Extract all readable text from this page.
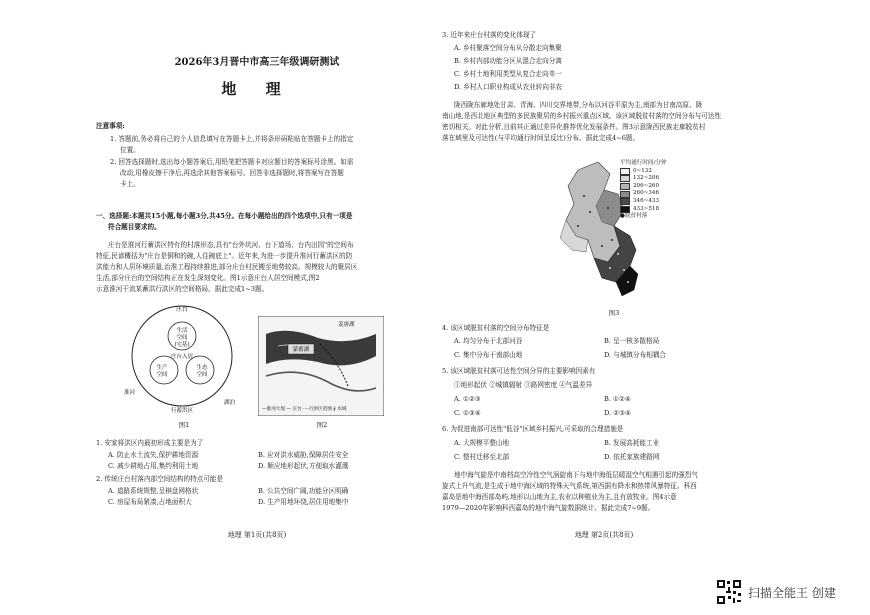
2026年3月晋中市高三年级调研测试
地 理
注意事项:
1. 答题前,务必将自己的个人信息填写在答题卡上,并将条形码粘贴在答题卡上的指定
位置。
2. 回答选择题时,选出每小题答案后,用铅笔把答题卡对应题目的答案标号涂黑。如需
改动,用橡皮擦干净后,再选涂其他答案标号。回答非选择题时,将答案写在答题
卡上。
一、选择题:本题共15小题,每小题3分,共45分。在每小题给出的四个选项中,只有一项是
符合题目要求的。
庄台是淮河行蓄洪区特有的村落形态,具有"台外坑河、台下道场、台内田园"的空间布
特征,民谚概括为"庄台是铜和的碗,人往碗底上"。近年来,为进一步提升淮河行蓄洪区的防
洪能力和人居环境质量,治淮工程持续推进,部分庄台村民搬至地势较高、规模较大的聚居区
生活,部分庄台的空间结构正在发生深刻变化。图1示意庄台人居空间模式,图2
示意淮河干流某蓄洪行洪区的空间格局。据此完成1~3题。
庄台
生活
空间
(宅基)
庄台入居
生产
空间
生态
空间
淮河
湖泊
行蓄洪区
图1
蒙蓄湖
姜唐湖
—淮河大堤 — 庄台 ····行洪区范围 ∮ 水域
图2
1. 安家将洪区内最初形成主要是为了
A. 防止水土流失,保护耕地资源	B. 应对洪水威胁,保障居住安全
C. 减少耕地占用,集约利用土地	D. 顺应地形起伏,方便取水灌溉
2. 传统庄台村落内部空间结构的特点可能是
A. 道路系统规整,呈棋盘网格状	B. 公共空间广阔,功能分区明确
C. 房屋布局紧凑,占地面积大	D. 生产用地环绕,居住用地集中
地理 第1页(共8页)
3. 近年来庄台村落的变化体现了
A. 乡村聚落空间分布从分散走向集聚
B. 乡村内部功能分区从混合走向分离
C. 乡村土地利用类型从复合走向单一
D. 乡村人口职业构成从农业转向非农
陇西陇东廊地处甘肃、青海、四川交界地带,分布以河谷平原为主,南部为甘南高原、陇
南山地,是西北地区典型的多民族聚居的乡村振兴重点区域。该区域脱贫村落的空间分布与可达性
密切相关。对此分析,目前其正通过差异化推荐优化发展条件。图3示意陇西民族走廊脱贫村
落在域里及可达性(与平均通行时间呈反比)分布。据此完成4~6题。
平均通行时间/分钟
0~132
132~206
206~260
260~346
346~433
433~518
●脱贫村落
图3
4. 该区域脱贫村落的空间分布特征是
A. 均匀分布于北部河谷	B. 呈一核多散格局
C. 集中分布于南部山地	D. 与城镇分布相耦合
5. 该区域脱贫村落可达性空间分异的主要影响因素有
①地形起伏 ②城镇辐射 ③路网密度 ④气温差异
A. ①②③	B. ①②④
C. ①③④	D. ②③④
6. 为促进南部可达性"低谷"区域乡村振兴,可采取的合理措施是
A. 大规模平整山地	B. 发展高耗能工业
C. 整村迁移至北部	D. 依托家族建路网
地中海气旋是中南档高空冷性空气涡旋南下与地中海低层暖湿空气相遇引起的强烈气
旋式上升气流,是生成于地中海区域的特殊天气系统,第西据有降水和热带风暴特征。科西
嘉岛是地中海西部岛屿,地形以山地为主,农业以种植业为主,且有放牧业。图4示意
1979—2020年影响科西嘉岛的地中海气旋数据统计。据此完成7~9题。
地理 第2页(共8页)
扫描全能王 创建
